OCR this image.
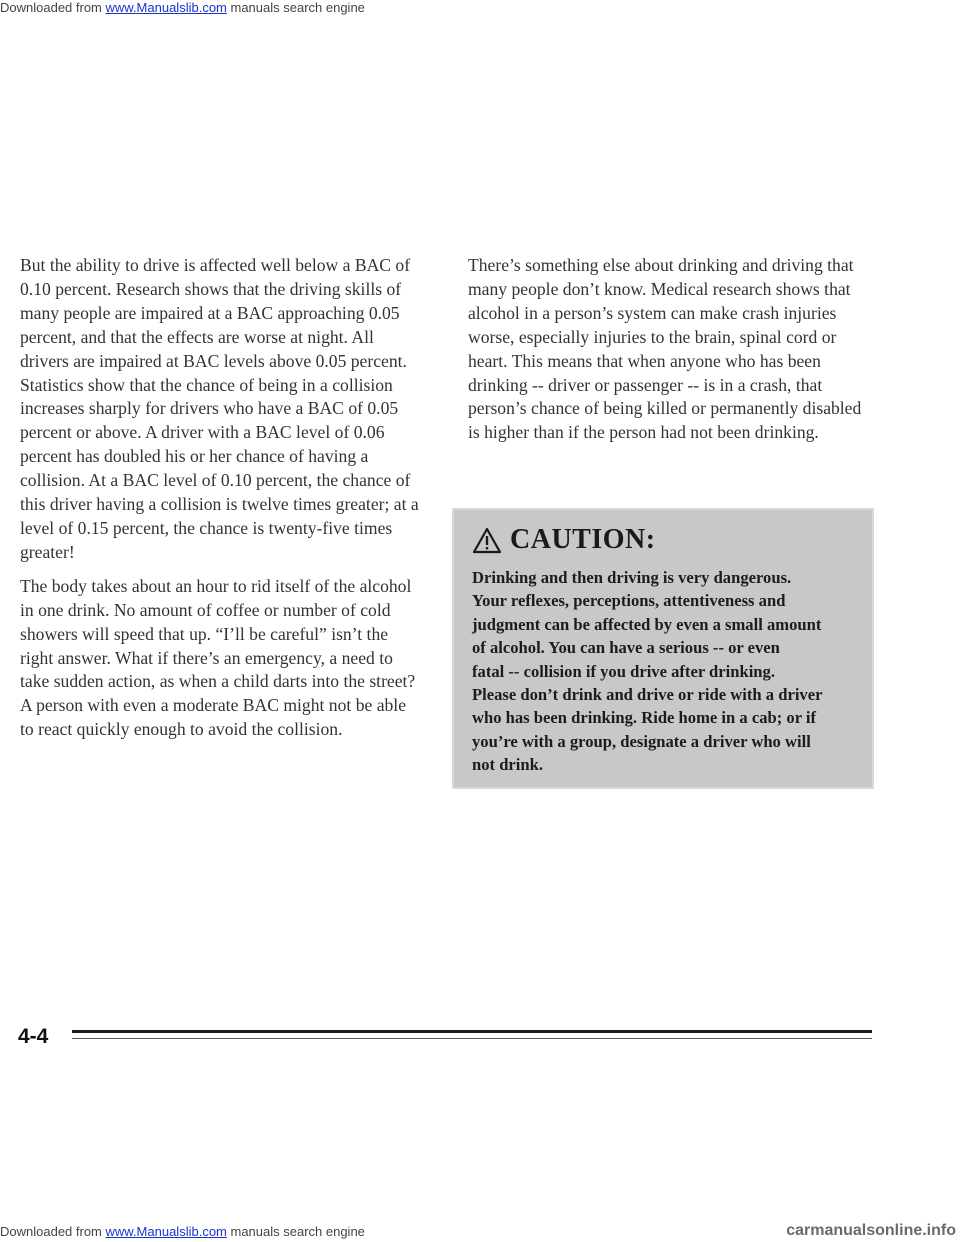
Downloaded from www.Manualslib.com manuals search engine

But the ability to drive is affected well below a BAC of
0.10 percent. Research shows that the driving skills of
many people are impaired at a BAC approaching 0.05
percent, and that the effects are worse at night. All
drivers are impaired at BAC levels above 0.05 percent.
Statistics show that the chance of being in a collision
increases sharply for drivers who have a BAC of 0.05
percent or above. A driver with a BAC level of 0.06
percent has doubled his or her chance of having a
collision. At a BAC level of 0.10 percent, the chance of
this driver having a collision is twelve times greater; at a
level of 0.15 percent, the chance is twenty-five times
greater!

The body takes about an hour to rid itself of the alcohol
in one drink. No amount of coffee or number of cold
showers will speed that up. “I’ll be careful” isn’t the
right answer. What if there’s an emergency, a need to
take sudden action, as when a child darts into the street?
A person with even a moderate BAC might not be able
to react quickly enough to avoid the collision.

There’s something else about drinking and driving that
many people don’t know. Medical research shows that
alcohol in a person’s system can make crash injuries
worse, especially injuries to the brain, spinal cord or
heart. This means that when anyone who has been
drinking -- driver or passenger -- is in a crash, that
person’s chance of being killed or permanently disabled
is higher than if the person had not been drinking.

CAUTION:
Drinking and then driving is very dangerous.
Your reflexes, perceptions, attentiveness and
judgment can be affected by even a small amount
of alcohol. You can have a serious -- or even
fatal -- collision if you drive after drinking.
Please don’t drink and drive or ride with a driver
who has been drinking. Ride home in a cab; or if
you’re with a group, designate a driver who will
not drink.
4-4
Downloaded from www.Manualslib.com manuals search engine	carmanualsonline.info
